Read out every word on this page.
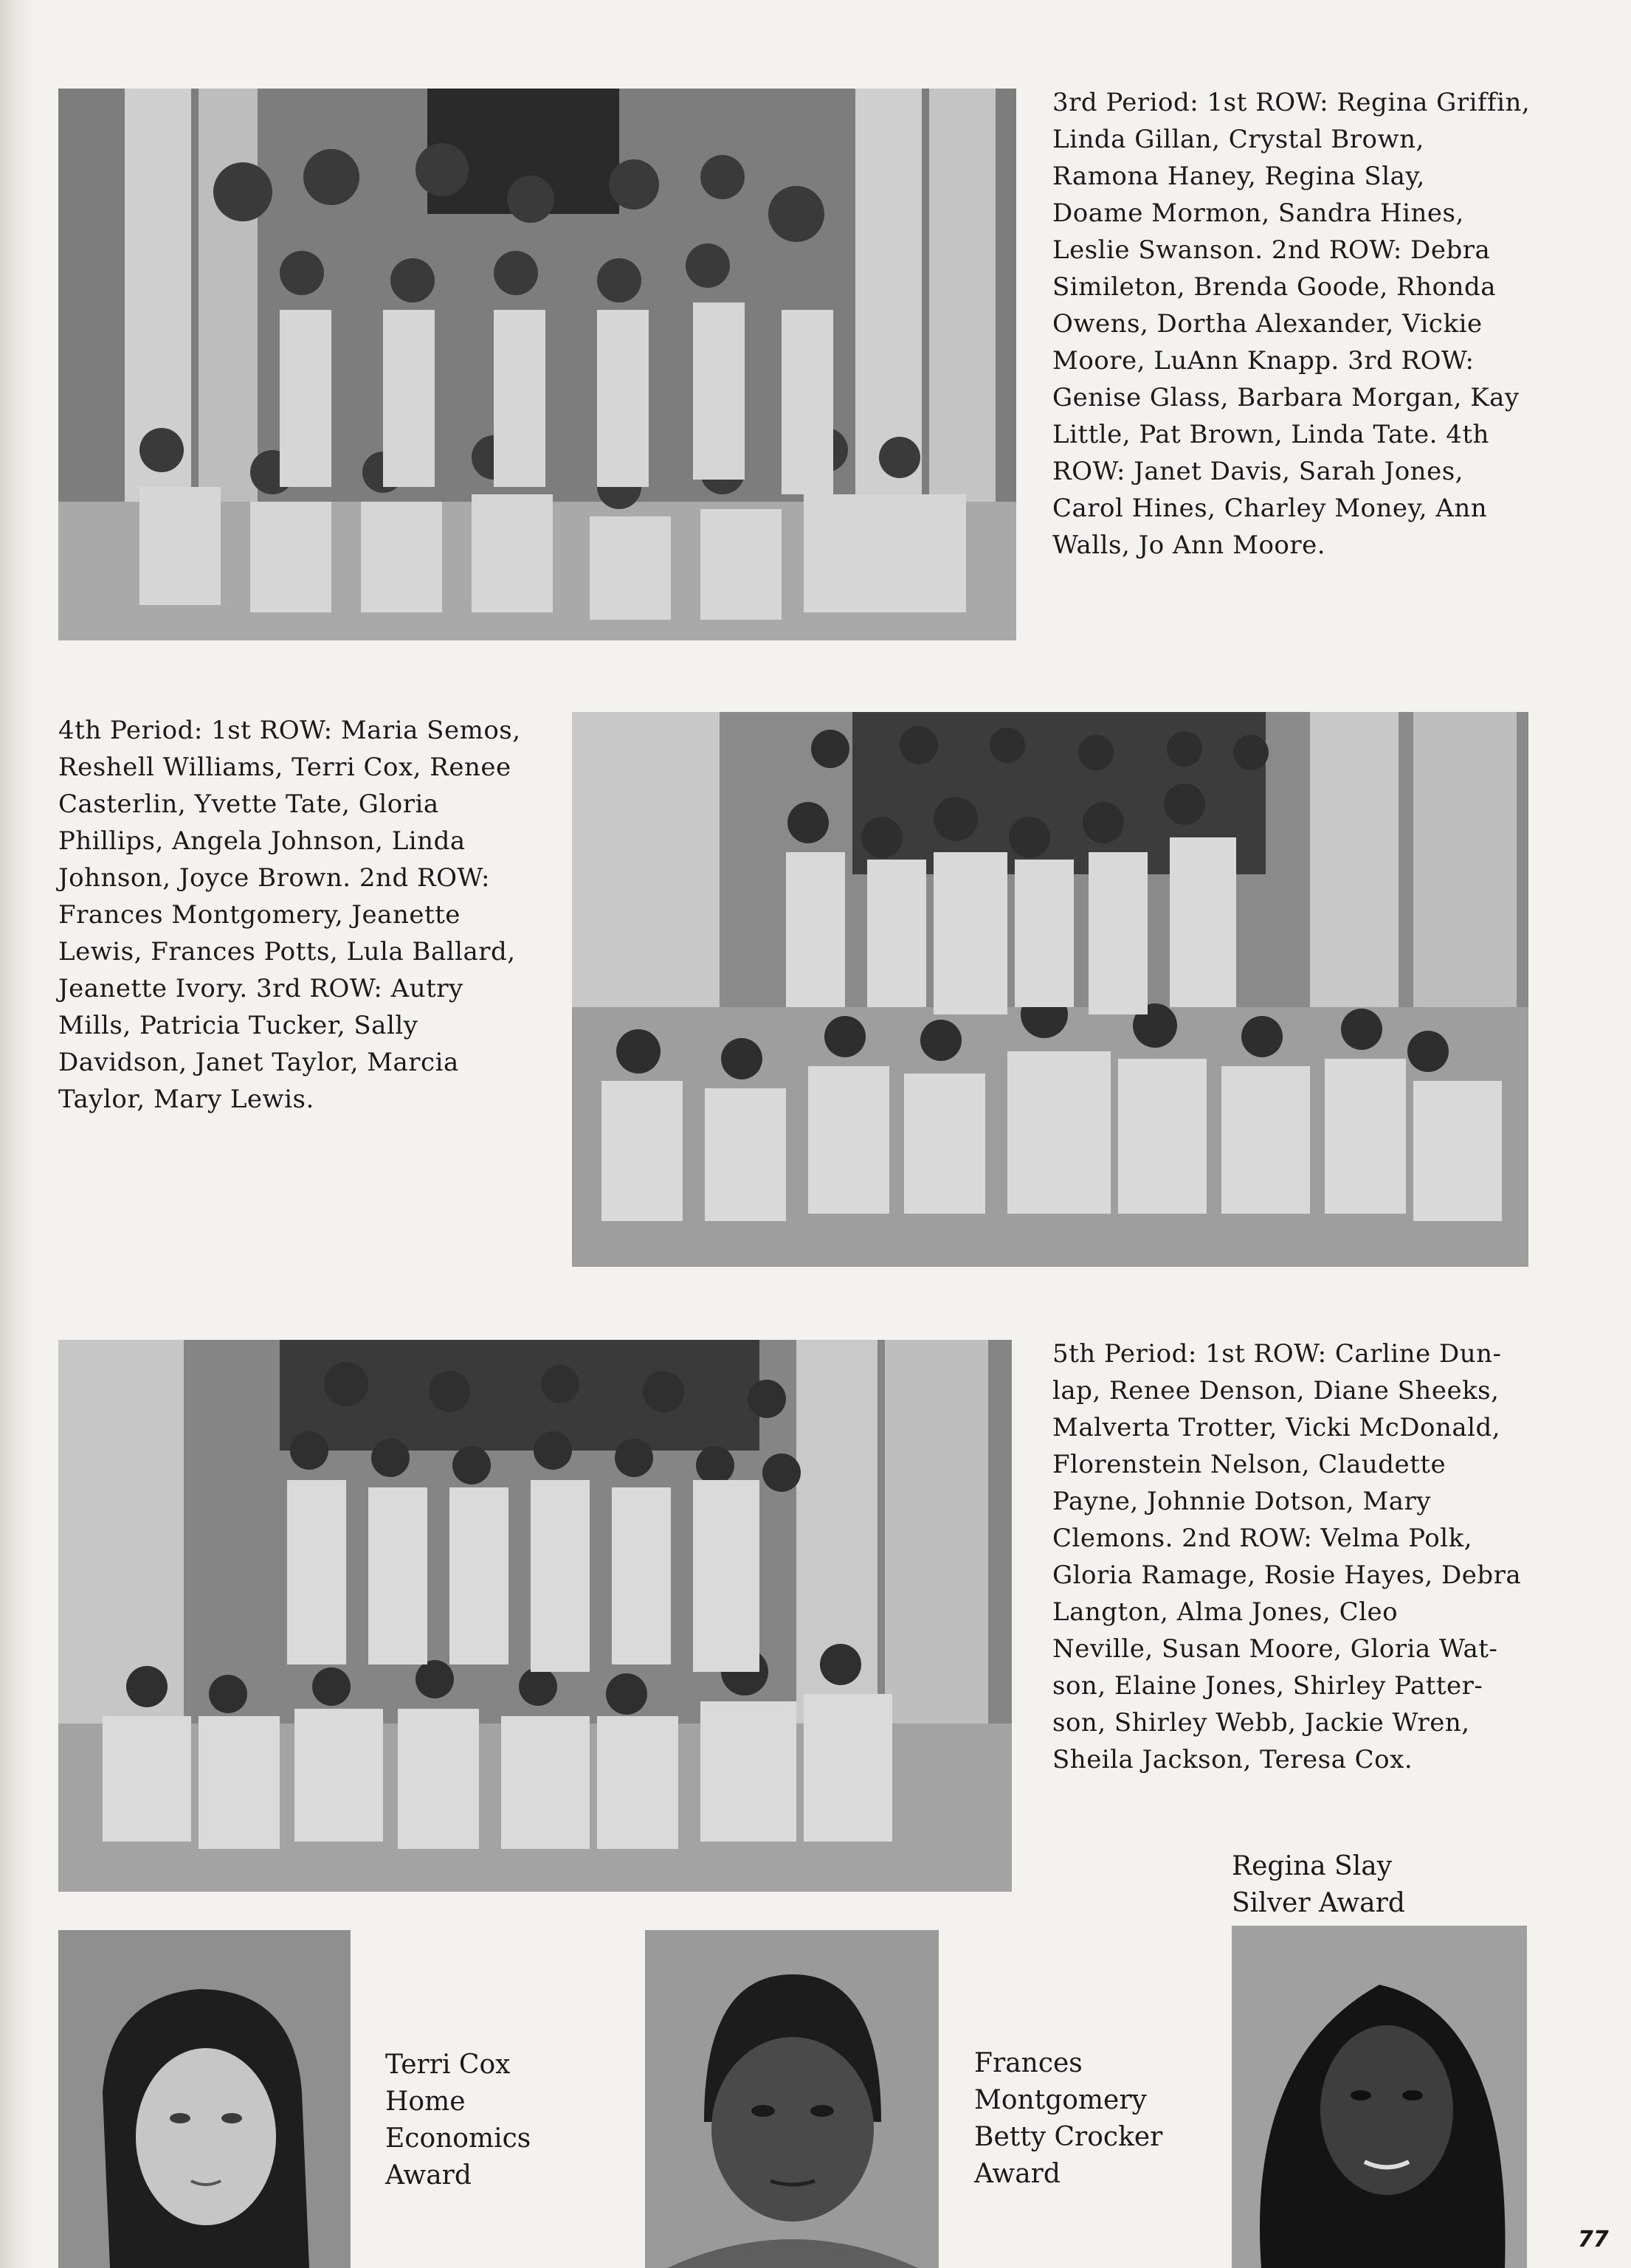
3rd Period: 1st ROW: Regina Griffin,
Linda Gillan, Crystal Brown,
Ramona Haney, Regina Slay,
Doame Mormon, Sandra Hines,
Leslie Swanson. 2nd ROW: Debra
Simileton, Brenda Goode, Rhonda
Owens, Dortha Alexander, Vickie
Moore, LuAnn Knapp. 3rd ROW:
Genise Glass, Barbara Morgan, Kay
Little, Pat Brown, Linda Tate. 4th
ROW: Janet Davis, Sarah Jones,
Carol Hines, Charley Money, Ann
Walls, Jo Ann Moore.
4th Period: 1st ROW: Maria Semos,
Reshell Williams, Terri Cox, Renee
Casterlin, Yvette Tate, Gloria
Phillips, Angela Johnson, Linda
Johnson, Joyce Brown. 2nd ROW:
Frances Montgomery, Jeanette
Lewis, Frances Potts, Lula Ballard,
Jeanette Ivory. 3rd ROW: Autry
Mills, Patricia Tucker, Sally
Davidson, Janet Taylor, Marcia
Taylor, Mary Lewis.
5th Period: 1st ROW: Carline Dun-
lap, Renee Denson, Diane Sheeks,
Malverta Trotter, Vicki McDonald,
Florenstein Nelson, Claudette
Payne, Johnnie Dotson, Mary
Clemons. 2nd ROW: Velma Polk,
Gloria Ramage, Rosie Hayes, Debra
Langton, Alma Jones, Cleo
Neville, Susan Moore, Gloria Wat-
son, Elaine Jones, Shirley Patter-
son, Shirley Webb, Jackie Wren,
Sheila Jackson, Teresa Cox.
Terri Cox
Home
Economics
Award
Frances
Montgomery
Betty Crocker
Award
Regina Slay
Silver Award
77
